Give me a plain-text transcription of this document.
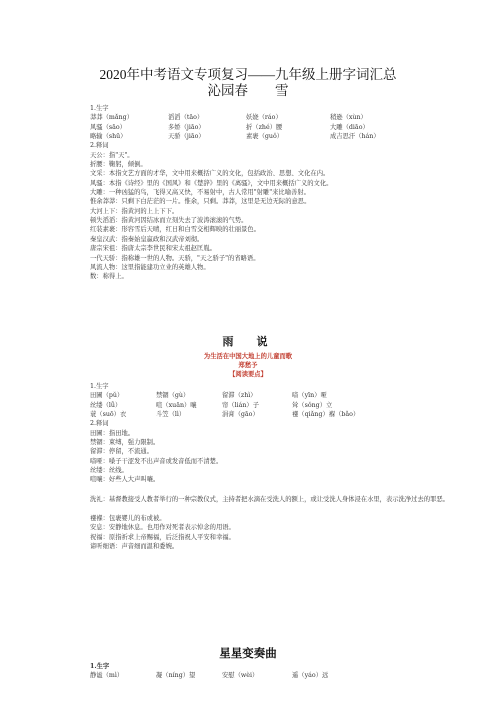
2020年中考语文专项复习——九年级上册字词汇总
沁园春　　雪
1.生字
莽莽（mǎng）	滔滔（tāo）	妖娆（ráo）	稍逊（xùn）
风骚（sāo）	多娇（jiāo）	折（zhé）腰	大雕（diāo）
略输（shū）	天骄（jiāo）	素裹（guǒ）	成吉思汗（hán）
2.释词
天公：指"天"。
折腰：鞠躬，倾倒。
文采：本指文艺方面的才华，文中用来概括广义的文化，包括政治、思想、文化在内。
风骚：本指《诗经》里的《国风》和《楚辞》里的《离骚》，文中用来概括广义的文化。
大雕：一种凶猛的鸟，飞得又高又快，不易射中，古人常用"射雕"来比喻善射。
惟余莽莽：只剩下白茫茫的一片。惟余，只剩。莽莽，这里是无边无际的意思。
大河上下：指黄河的上上下下。
顿失滔滔：指黄河因结冰而立刻失去了波涛滚滚的气势。
红装素裹：形容雪后天晴，红日和白雪交相辉映的壮丽景色。
秦皇汉武：指秦始皇嬴政和汉武帝刘彻。
唐宗宋祖：指唐太宗李世民和宋太祖赵匡胤。
一代天骄：指称雄一世的人物。天骄，"天之骄子"的省略语。
风流人物：这里指能建功立业的英雄人物。
数：称得上。
雨　说
为生活在中国大地上的儿童而歌
郑愁予
【阅读要点】
1.生字
田圃（pǔ）	禁锢（gù）	留滞（zhì）	喑（yīn）哑
丝缕（lǚ）	喧（xuān）嚷	帘（lián）子	耸（sǒng）立
蓑（suō）衣	斗笠（lì）	涓膏（gāo）	襁（qiǎng）褓（bǎo）
2.释词
田圃：指田地。
禁锢：束缚，强力限制。
留滞：停留，不流通。
喑哑：嗓子干涩发不出声音或发音低而不清楚。
丝缕：丝线。
喧嚷：好些人大声叫嚷。
洗礼：基督教接受人教者举行的一种宗教仪式，主持者把水滴在受洗人的额上，或让受洗人身体浸在水里，表示洗净过去的罪恶。
襁褓：包裹婴儿的布或被。
安息：安静地休息。也用作对死者表示悼念的用语。
祝福：原指祈求上帝赐福，后泛指祝人平安和幸福。
谛听细语：声音细而温和委婉。
星星变奏曲
1.生字
静谧（mì）	凝（níng）望	安慰（wèi）	遥（yáo）远
